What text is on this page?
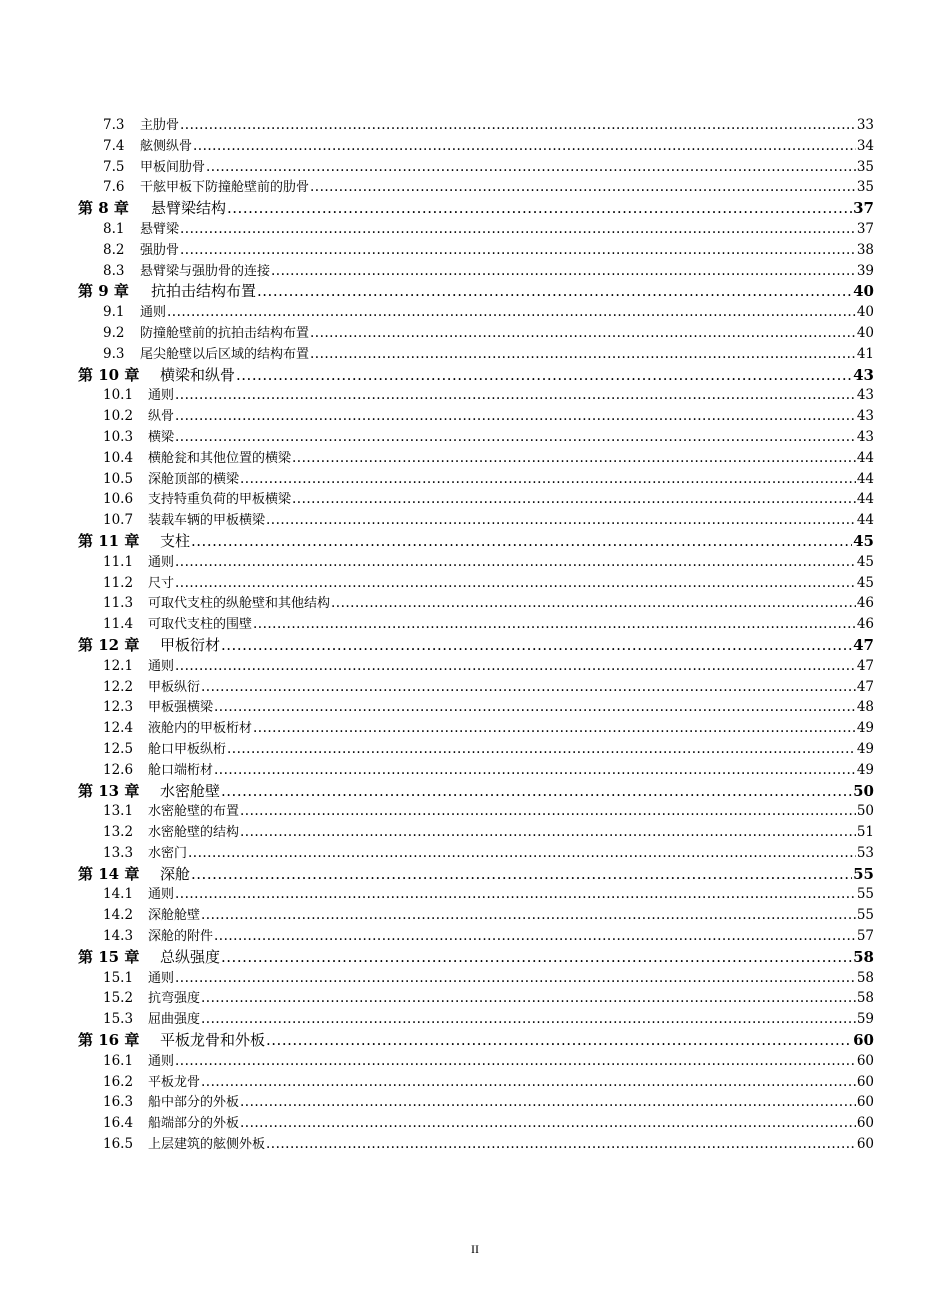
7.3	主肋骨 .....	33
7.4	舷侧纵骨 .....	34
7.5	甲板间肋骨 .....	35
7.6	干舷甲板下防撞舱壁前的肋骨 .....	35
第 8 章	悬臂梁结构 .....	37
8.1	悬臂梁 .....	37
8.2	强肋骨 .....	38
8.3	悬臂梁与强肋骨的连接 .....	39
第 9 章	抗拍击结构布置 .....	40
9.1	通则 .....	40
9.2	防撞舱壁前的抗拍击结构布置 .....	40
9.3	尾尖舱壁以后区域的结构布置 .....	41
第 10 章	横梁和纵骨 .....	43
10.1	通则 .....	43
10.2	纵骨 .....	43
10.3	横梁 .....	43
10.4	横舱瓮和其他位置的横梁 .....	44
10.5	深舱顶部的横梁 .....	44
10.6	支持特重负荷的甲板横梁 .....	44
10.7	装载车辆的甲板横梁 .....	44
第 11 章	支柱 .....	45
11.1	通则 .....	45
11.2	尺寸 .....	45
11.3	可取代支柱的纵舱壁和其他结构 .....	46
11.4	可取代支柱的围壁 .....	46
第 12 章	甲板衍材 .....	47
12.1	通则 .....	47
12.2	甲板纵衍 .....	47
12.3	甲板强横梁 .....	48
12.4	液舱内的甲板桁材 .....	49
12.5	舱口甲板纵桁 .....	49
12.6	舱口端桁材 .....	49
第 13 章	水密舱壁 .....	50
13.1	水密舱壁的布置 .....	50
13.2	水密舱壁的结构 .....	51
13.3	水密门 .....	53
第 14 章	深舱 .....	55
14.1	通则 .....	55
14.2	深舱舱壁 .....	55
14.3	深舱的附件 .....	57
第 15 章	总纵强度 .....	58
15.1	通则 .....	58
15.2	抗弯强度 .....	58
15.3	屈曲强度 .....	59
第 16 章	平板龙骨和外板 .....	60
16.1	通则 .....	60
16.2	平板龙骨 .....	60
16.3	船中部分的外板 .....	60
16.4	船端部分的外板 .....	60
16.5	上层建筑的舷侧外板 .....	60
II
